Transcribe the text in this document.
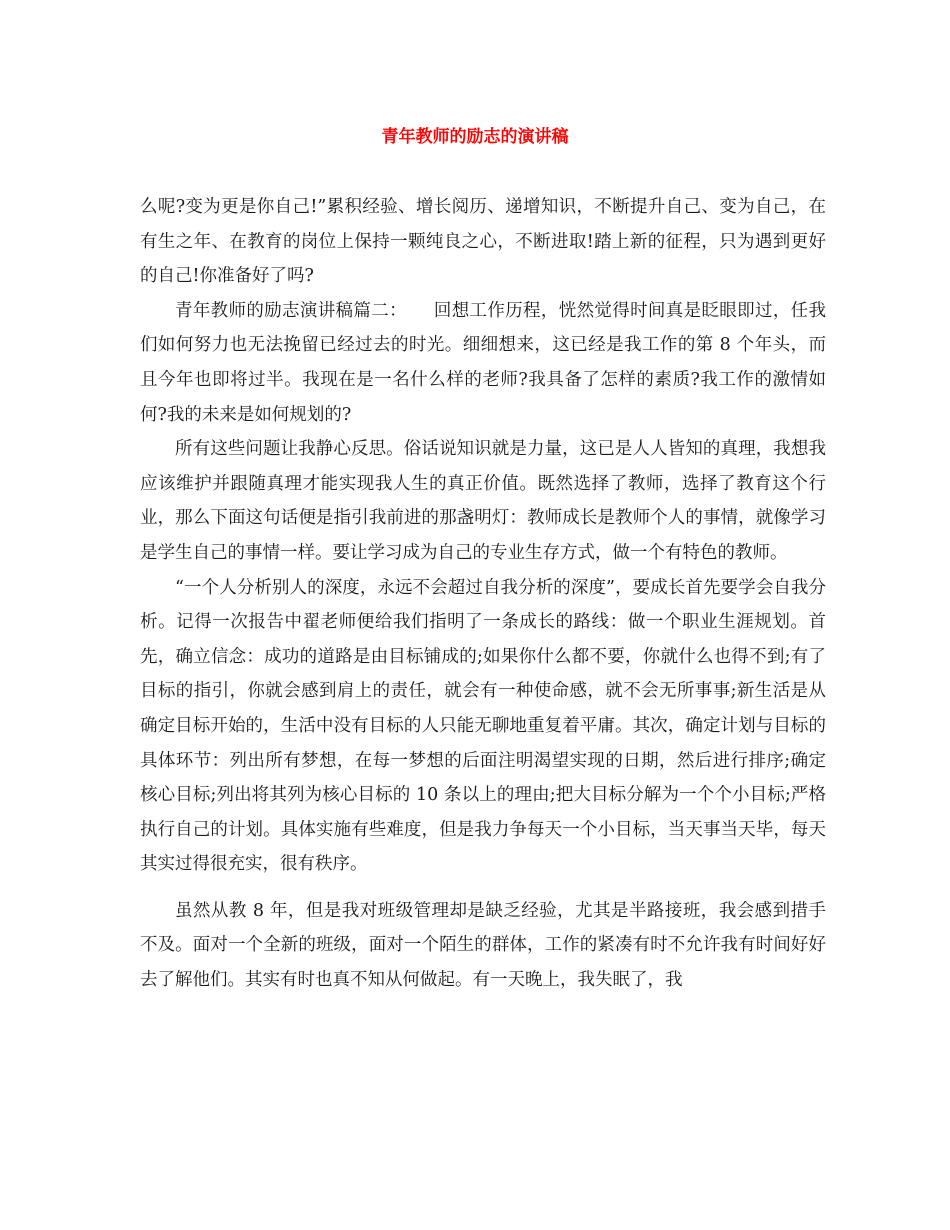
青年教师的励志的演讲稿

么呢?变为更是你自己!”累积经验、增长阅历、递增知识，不断提升自己、变为自己，在有生之年、在教育的岗位上保持一颗纯良之心，不断进取!踏上新的征程，只为遇到更好的自己!你准备好了吗?

青年教师的励志演讲稿篇二：　　回想工作历程，恍然觉得时间真是眨眼即过，任我们如何努力也无法挽留已经过去的时光。细细想来，这已经是我工作的第 8 个年头，而且今年也即将过半。我现在是一名什么样的老师?我具备了怎样的素质?我工作的激情如何?我的未来是如何规划的?

所有这些问题让我静心反思。俗话说知识就是力量，这已是人人皆知的真理，我想我应该维护并跟随真理才能实现我人生的真正价值。既然选择了教师，选择了教育这个行业，那么下面这句话便是指引我前进的那盏明灯：教师成长是教师个人的事情，就像学习是学生自己的事情一样。要让学习成为自己的专业生存方式，做一个有特色的教师。

“一个人分析别人的深度，永远不会超过自我分析的深度”，要成长首先要学会自我分析。记得一次报告中翟老师便给我们指明了一条成长的路线：做一个职业生涯规划。首先，确立信念：成功的道路是由目标铺成的;如果你什么都不要，你就什么也得不到;有了目标的指引，你就会感到肩上的责任，就会有一种使命感，就不会无所事事;新生活是从确定目标开始的，生活中没有目标的人只能无聊地重复着平庸。其次，确定计划与目标的具体环节：列出所有梦想，在每一梦想的后面注明渴望实现的日期，然后进行排序;确定核心目标;列出将其列为核心目标的 10 条以上的理由;把大目标分解为一个个小目标;严格执行自己的计划。具体实施有些难度，但是我力争每天一个小目标，当天事当天毕，每天其实过得很充实，很有秩序。

虽然从教 8 年，但是我对班级管理却是缺乏经验，尤其是半路接班，我会感到措手不及。面对一个全新的班级，面对一个陌生的群体，工作的紧凑有时不允许我有时间好好去了解他们。其实有时也真不知从何做起。有一天晚上，我失眠了，我
